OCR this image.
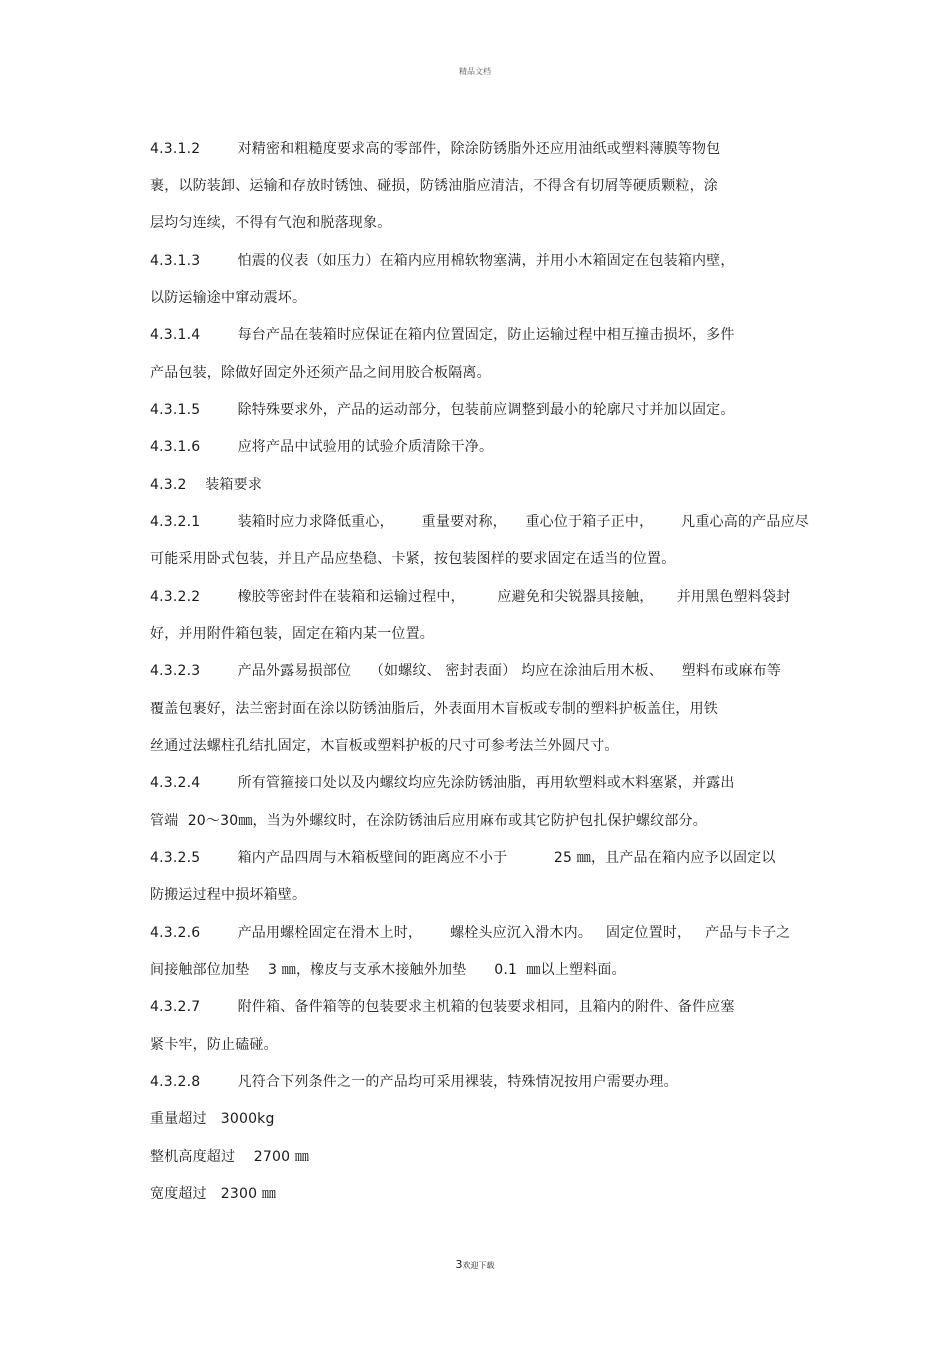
精品文档
4.3.1.2        对精密和粗糙度要求高的零部件，除涂防锈脂外还应用油纸或塑料薄膜等物包
裹，以防装卸、运输和存放时锈蚀、碰损，防锈油脂应清洁，不得含有切屑等硬质颗粒，涂
层均匀连续，不得有气泡和脱落现象。
4.3.1.3        怕震的仪表（如压力）在箱内应用棉软物塞满，并用小木箱固定在包装箱内壁，
以防运输途中窜动震坏。
4.3.1.4        每台产品在装箱时应保证在箱内位置固定，防止运输过程中相互撞击损坏，多件
产品包装，除做好固定外还须产品之间用胶合板隔离。
4.3.1.5        除特殊要求外，产品的运动部分，包装前应调整到最小的轮廓尺寸并加以固定。
4.3.1.6        应将产品中试验用的试验介质清除干净。
4.3.2    装箱要求
4.3.2.1        装箱时应力求降低重心，      重量要对称，    重心位于箱子正中，      凡重心高的产品应尽
可能采用卧式包装，并且产品应垫稳、卡紧，按包装图样的要求固定在适当的位置。
4.3.2.2        橡胶等密封件在装箱和运输过程中，       应避免和尖锐器具接触，     并用黑色塑料袋封
好，并用附件箱包装，固定在箱内某一位置。
4.3.2.3        产品外露易损部位    （如螺纹、 密封表面） 均应在涂油后用木板、    塑料布或麻布等
覆盖包裹好，法兰密封面在涂以防锈油脂后，外表面用木盲板或专制的塑料护板盖住，用铁
丝通过法螺柱孔结扎固定，木盲板或塑料护板的尺寸可参考法兰外圆尺寸。
4.3.2.4        所有管箍接口处以及内螺纹均应先涂防锈油脂，再用软塑料或木料塞紧，并露出
管端  20～30㎜，当为外螺纹时，在涂防锈油后应用麻布或其它防护包扎保护螺纹部分。
4.3.2.5        箱内产品四周与木箱板壁间的距离应不小于          25 ㎜，且产品在箱内应予以固定以
防搬运过程中损坏箱壁。
4.3.2.6        产品用螺栓固定在滑木上时，      螺栓头应沉入滑木内。   固定位置时，   产品与卡子之
间接触部位加垫    3 ㎜，橡皮与支承木接触外加垫      0.1  ㎜以上塑料面。
4.3.2.7        附件箱、备件箱等的包装要求主机箱的包装要求相同，且箱内的附件、备件应塞
紧卡牢，防止磕碰。
4.3.2.8        凡符合下列条件之一的产品均可采用裸装，特殊情况按用户需要办理。
重量超过   3000kg
整机高度超过    2700 ㎜
宽度超过   2300 ㎜
3欢迎下载
